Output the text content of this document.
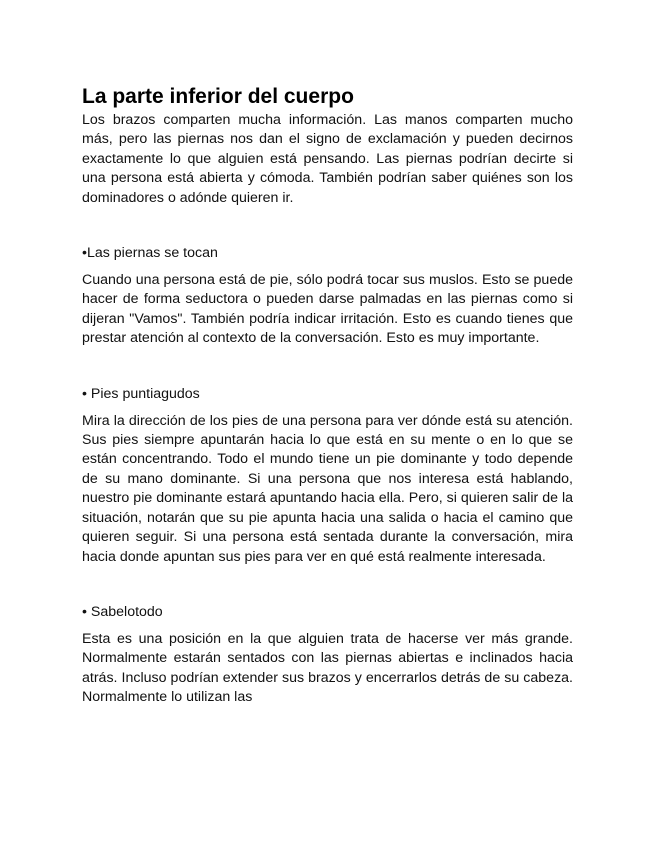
La parte inferior del cuerpo

Los brazos comparten mucha información. Las manos comparten mucho más, pero las piernas nos dan el signo de exclamación y pueden decirnos exactamente lo que alguien está pensando. Las piernas podrían decirte si una persona está abierta y cómoda. También podrían saber quiénes son los dominadores o adónde quieren ir.

•Las piernas se tocan

Cuando una persona está de pie, sólo podrá tocar sus muslos. Esto se puede hacer de forma seductora o pueden darse palmadas en las piernas como si dijeran "Vamos". También podría indicar irritación. Esto es cuando tienes que prestar atención al contexto de la conversación. Esto es muy importante.

• Pies puntiagudos

Mira la dirección de los pies de una persona para ver dónde está su atención. Sus pies siempre apuntarán hacia lo que está en su mente o en lo que se están concentrando. Todo el mundo tiene un pie dominante y todo depende de su mano dominante. Si una persona que nos interesa está hablando, nuestro pie dominante estará apuntando hacia ella. Pero, si quieren salir de la situación, notarán que su pie apunta hacia una salida o hacia el camino que quieren seguir. Si una persona está sentada durante la conversación, mira hacia donde apuntan sus pies para ver en qué está realmente interesada.

• Sabelotodo

Esta es una posición en la que alguien trata de hacerse ver más grande. Normalmente estarán sentados con las piernas abiertas e inclinados hacia atrás. Incluso podrían extender sus brazos y encerrarlos detrás de su cabeza. Normalmente lo utilizan las
